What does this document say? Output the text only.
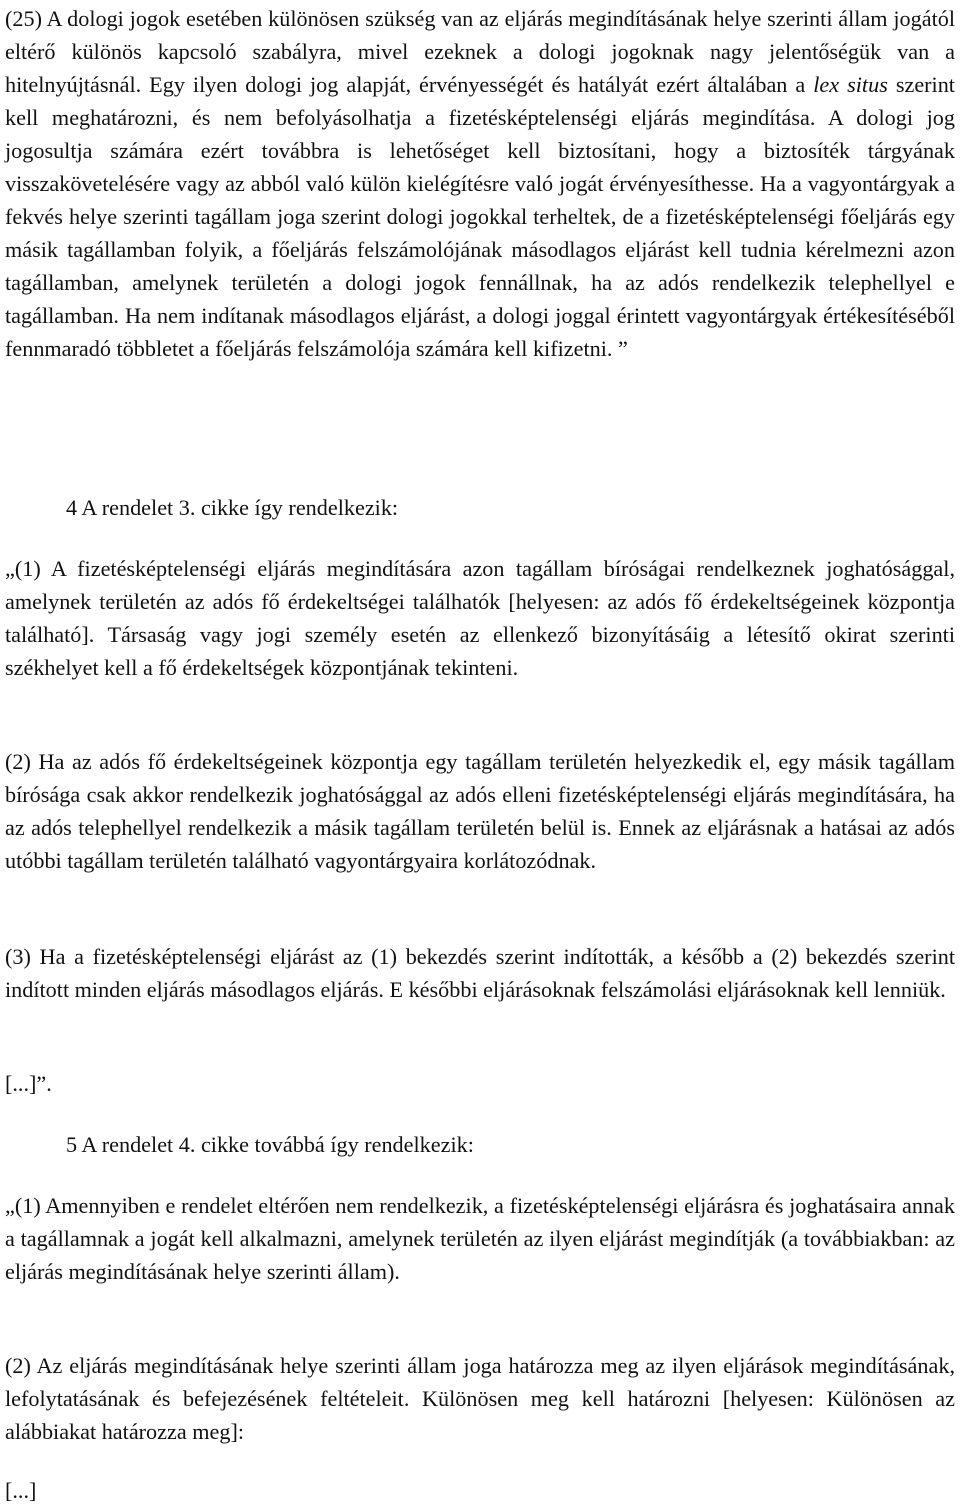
(25) A dologi jogok esetében különösen szükség van az eljárás megindításának helye szerinti állam jogától eltérő különös kapcsoló szabályra, mivel ezeknek a dologi jogoknak nagy jelentőségük van a hitelnyújtásnál. Egy ilyen dologi jog alapját, érvényességét és hatályát ezért általában a lex situs szerint kell meghatározni, és nem befolyásolhatja a fizetésképtelenségi eljárás megindítása. A dologi jog jogosultja számára ezért továbbra is lehetőséget kell biztosítani, hogy a biztosíték tárgyának visszakövetelésére vagy az abból való külön kielégítésre való jogát érvényesíthesse. Ha a vagyontárgyak a fekvés helye szerinti tagállam joga szerint dologi jogokkal terheltek, de a fizetésképtelenségi főeljárás egy másik tagállamban folyik, a főeljárás felszámolójának másodlagos eljárást kell tudnia kérelmezni azon tagállamban, amelynek területén a dologi jogok fennállnak, ha az adós rendelkezik telephellyel e tagállamban. Ha nem indítanak másodlagos eljárást, a dologi joggal érintett vagyontárgyak értékesítéséből fennmaradó többletet a főeljárás felszámolója számára kell kifizetni. ”

4 A rendelet 3. cikke így rendelkezik:

„(1) A fizetésképtelenségi eljárás megindítására azon tagállam bíróságai rendelkeznek joghatósággal, amelynek területén az adós fő érdekeltségei találhatók [helyesen: az adós fő érdekeltségeinek központja található]. Társaság vagy jogi személy esetén az ellenkező bizonyításáig a létesítő okirat szerinti székhelyet kell a fő érdekeltségek központjának tekinteni.

(2) Ha az adós fő érdekeltségeinek központja egy tagállam területén helyezkedik el, egy másik tagállam bírósága csak akkor rendelkezik joghatósággal az adós elleni fizetésképtelenségi eljárás megindítására, ha az adós telephellyel rendelkezik a másik tagállam területén belül is. Ennek az eljárásnak a hatásai az adós utóbbi tagállam területén található vagyontárgyaira korlátozódnak.

(3) Ha a fizetésképtelenségi eljárást az (1) bekezdés szerint indították, a később a (2) bekezdés szerint indított minden eljárás másodlagos eljárás. E későbbi eljárásoknak felszámolási eljárásoknak kell lenniük.

[...]”.

5 A rendelet 4. cikke továbbá így rendelkezik:

„(1) Amennyiben e rendelet eltérően nem rendelkezik, a fizetésképtelenségi eljárásra és joghatásaira annak a tagállamnak a jogát kell alkalmazni, amelynek területén az ilyen eljárást megindítják (a továbbiakban: az eljárás megindításának helye szerinti állam).

(2) Az eljárás megindításának helye szerinti állam joga határozza meg az ilyen eljárások megindításának, lefolytatásának és befejezésének feltételeit. Különösen meg kell határozni [helyesen: Különösen az alábbiakat határozza meg]:

[...]
